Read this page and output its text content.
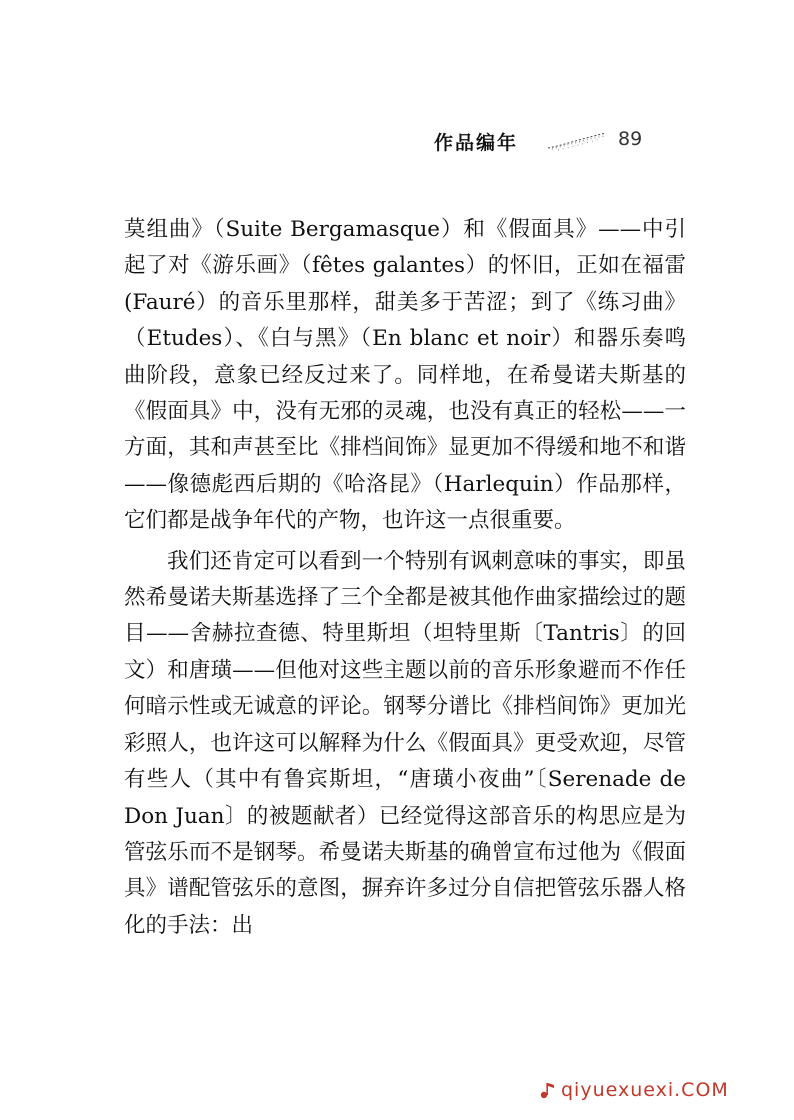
作品编年	89

莫组曲》（Suite Bergamasque）和《假面具》——中引起了对《游乐画》（fêtes galantes）的怀旧，正如在福雷(Fauré）的音乐里那样，甜美多于苦涩；到了《练习曲》（Etudes）、《白与黑》（En blanc et noir）和器乐奏鸣曲阶段，意象已经反过来了。同样地，在希曼诺夫斯基的《假面具》中，没有无邪的灵魂，也没有真正的轻松——一方面，其和声甚至比《排档间饰》显更加不得缓和地不和谐——像德彪西后期的《哈洛昆》（Harlequin）作品那样，它们都是战争年代的产物，也许这一点很重要。

我们还肯定可以看到一个特别有讽刺意味的事实，即虽然希曼诺夫斯基选择了三个全都是被其他作曲家描绘过的题目——舍赫拉查德、特里斯坦（坦特里斯〔Tantris〕的回文）和唐璜——但他对这些主题以前的音乐形象避而不作任何暗示性或无诚意的评论。钢琴分谱比《排档间饰》更加光彩照人，也许这可以解释为什么《假面具》更受欢迎，尽管有些人（其中有鲁宾斯坦，“唐璜小夜曲”〔Serenade de Don Juan〕的被题献者）已经觉得这部音乐的构思应是为管弦乐而不是钢琴。希曼诺夫斯基的确曾宣布过他为《假面具》谱配管弦乐的意图，摒弃许多过分自信把管弦乐器人格化的手法：出

qiyuexuexi.COM
